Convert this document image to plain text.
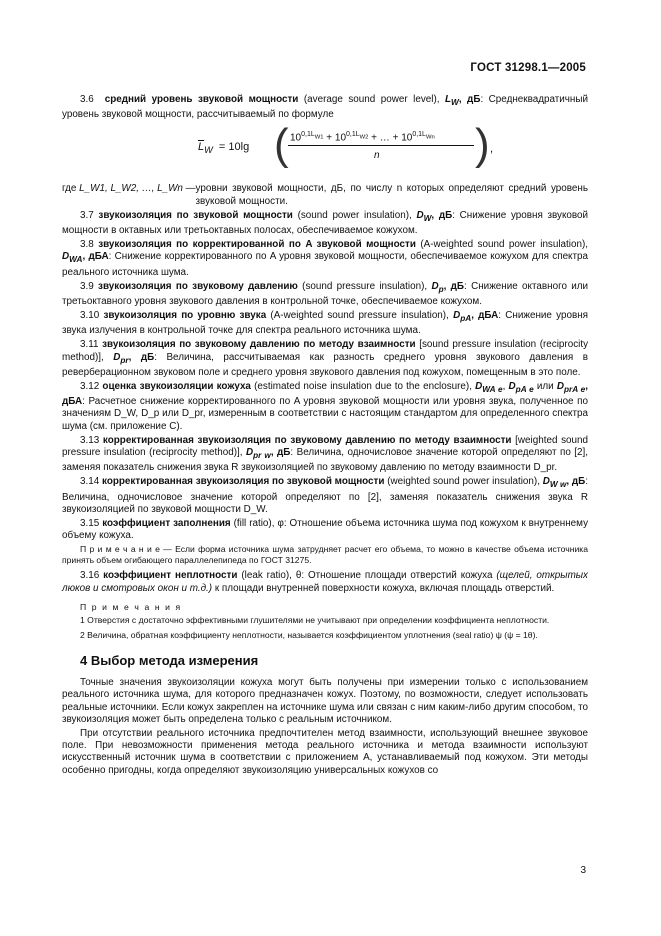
ГОСТ 31298.1—2005

3.6 средний уровень звуковой мощности (average sound power level), $L_W$, дБ: Среднеквадратичный уровень звуковой мощности, рассчитываемый по формуле

$\overline{L}_W = 10\lg$ ( $10^{0,1L_{W1}} + 10^{0,1L_{W2}}$ + … + $10^{0,1L_{Wn}}$
n ) ,
где L_W1, L_W2, …, L_Wn — уровни звуковой мощности, дБ, по числу n которых определяют средний уровень звуковой мощности.

3.7 звукоизоляция по звуковой мощности (sound power insulation), $D_W$, дБ: Снижение уровня звуковой мощности в октавных или третьоктавных полосах, обеспечиваемое кожухом.

3.8 звукоизоляция по корректированной по A звуковой мощности (A-weighted sound power insulation), $D_{WA}$, дБА: Снижение корректированного по A уровня звуковой мощности, обеспечиваемое кожухом для спектра реального источника шума.

3.9 звукоизоляция по звуковому давлению (sound pressure insulation), $D_p$, дБ: Снижение октавного или третьоктавного уровня звукового давления в контрольной точке, обеспечиваемое кожухом.

3.10 звукоизоляция по уровню звука (A-weighted sound pressure insulation), $D_{pA}$, дБА: Снижение уровня звука излучения в контрольной точке для спектра реального источника шума.

3.11 звукоизоляция по звуковому давлению по методу взаимности [sound pressure insulation (reciprocity method)], $D_{pr}$, дБ: Величина, рассчитываемая как разность среднего уровня звукового давления в реверберационном звуковом поле и среднего уровня звукового давления под кожухом, помещенным в это поле.

3.12 оценка звукоизоляции кожуха (estimated noise insulation due to the enclosure), $D_{WA e}$, $D_{pA e}$ или $D_{prA e}$, дБА: Расчетное снижение корректированного по A уровня звуковой мощности или уровня звука, полученное по значениям D_W, D_p или D_pr, измеренным в соответствии с настоящим стандартом для определенного спектра шума (см. приложение С).

3.13 корректированная звукоизоляция по звуковому давлению по методу взаимности [weighted sound pressure insulation (reciprocity method)], $D_{pr w}$, дБ: Величина, одночисловое значение которой определяют по [2], заменяя показатель снижения звука R звукоизоляцией по звуковому давлению по методу взаимности D_pr.

3.14 корректированная звукоизоляция по звуковой мощности (weighted sound power insulation), $D_{W w}$, дБ: Величина, одночисловое значение которой определяют по [2], заменяя показатель снижения звука R звукоизоляцией по звуковой мощности D_W.

3.15 коэффициент заполнения (fill ratio), φ: Отношение объема источника шума под кожухом к внутреннему объему кожуха.

П р и м е ч а н и е — Если форма источника шума затрудняет расчет его объема, то можно в качестве объема источника принять объем огибающего параллелепипеда по ГОСТ 31275.

3.16 коэффициент неплотности (leak ratio), θ: Отношение площади отверстий кожуха (щелей, открытых люков и смотровых окон и т.д.) к площади внутренней поверхности кожуха, включая площадь отверстий.

П р и м е ч а н и я

1 Отверстия с достаточно эффективными глушителями не учитывают при определении коэффициента неплотности.

2 Величина, обратная коэффициенту неплотности, называется коэффициентом уплотнения (seal ratio) ψ (ψ = 1θ).

4 Выбор метода измерения

Точные значения звукоизоляции кожуха могут быть получены при измерении только с использованием реального источника шума, для которого предназначен кожух. Поэтому, по возможности, следует использовать реальные источники. Если кожух закреплен на источнике шума или связан с ним каким-либо другим способом, то звукоизоляция может быть определена только с реальным источником.

При отсутствии реального источника предпочтителен метод взаимности, использующий внешнее звуковое поле. При невозможности применения метода реального источника и метода взаимности используют искусственный источник шума в соответствии с приложением А, устанавливаемый под кожухом. Эти методы особенно пригодны, когда определяют звукоизоляцию универсальных кожухов со

3
